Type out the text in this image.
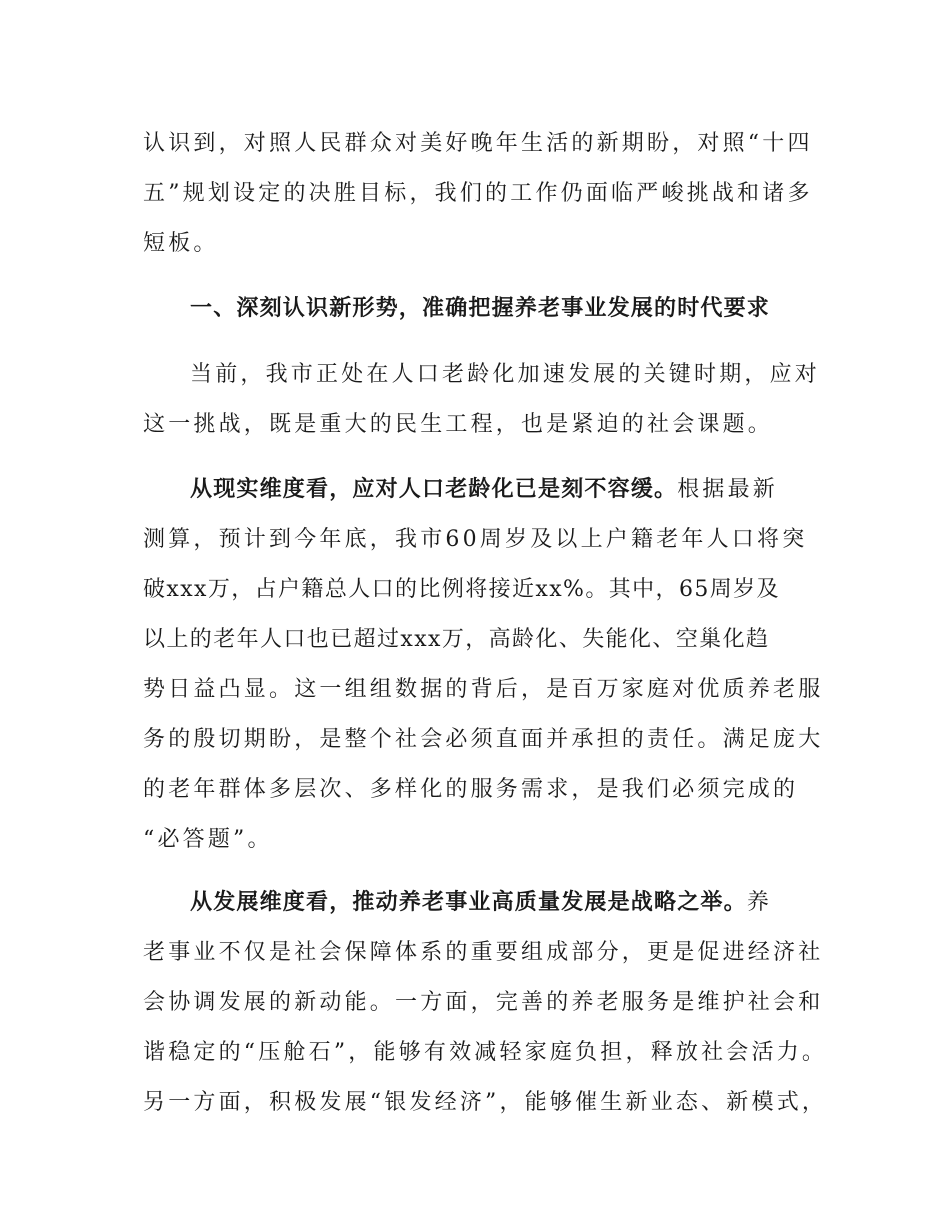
认识到，对照人民群众对美好晚年生活的新期盼，对照“十四
五”规划设定的决胜目标，我们的工作仍面临严峻挑战和诸多
短板。
一、深刻认识新形势，准确把握养老事业发展的时代要求
当前，我市正处在人口老龄化加速发展的关键时期，应对
这一挑战，既是重大的民生工程，也是紧迫的社会课题。
从现实维度看，应对人口老龄化已是刻不容缓。根据最新
测算，预计到今年底，我市60周岁及以上户籍老年人口将突
破xxx万，占户籍总人口的比例将接近xx%。其中，65周岁及
以上的老年人口也已超过xxx万，高龄化、失能化、空巢化趋
势日益凸显。这一组组数据的背后，是百万家庭对优质养老服
务的殷切期盼，是整个社会必须直面并承担的责任。满足庞大
的老年群体多层次、多样化的服务需求，是我们必须完成的
“必答题”。
从发展维度看，推动养老事业高质量发展是战略之举。养
老事业不仅是社会保障体系的重要组成部分，更是促进经济社
会协调发展的新动能。一方面，完善的养老服务是维护社会和
谐稳定的“压舱石”，能够有效减轻家庭负担，释放社会活力。
另一方面，积极发展“银发经济”，能够催生新业态、新模式，
